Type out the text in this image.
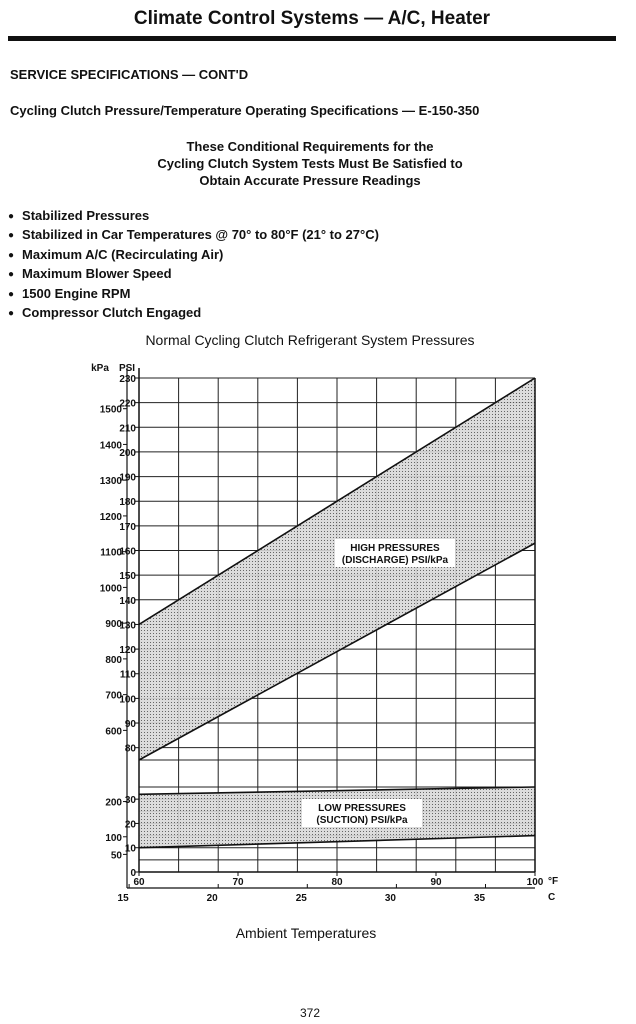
Climate Control Systems — A/C, Heater
SERVICE SPECIFICATIONS — CONT'D
Cycling Clutch Pressure/Temperature Operating Specifications — E-150-350
These Conditional Requirements for the
Cycling Clutch System Tests Must Be Satisfied to
Obtain Accurate Pressure Readings
● Stabilized Pressures
● Stabilized in Car Temperatures @ 70° to 80°F (21° to 27°C)
● Maximum A/C (Recirculating Air)
● Maximum Blower Speed
● 1500 Engine RPM
● Compressor Clutch Engaged
Normal Cycling Clutch Refrigerant System Pressures
kPa PSI
°F
C
80
90
100
110
120
130
140
150
160
170
180
190
200
210
220
230
0
10
20
30
600
700
800
900
1000
1100
1200
1300
1400
1500
50
100
200
60	70	80	90	100
15	20	25	30	35
HIGH PRESSURES
(DISCHARGE) PSI/kPa
LOW PRESSURES
(SUCTION) PSI/kPa
Ambient Temperatures
372
